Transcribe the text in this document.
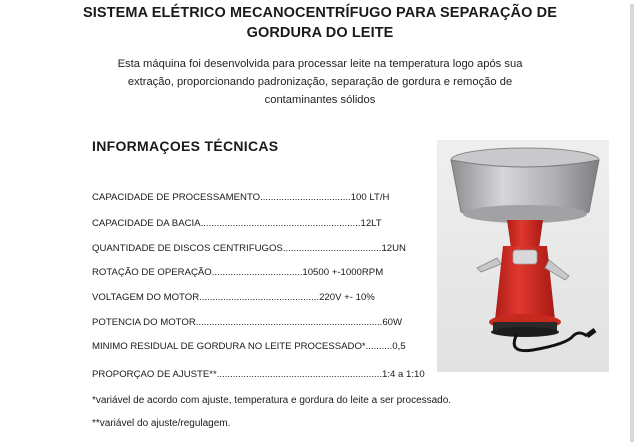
SISTEMA ELÉTRICO MECANOCENTRÍFUGO PARA SEPARAÇÃO DE
GORDURA DO LEITE
Esta máquina foi desenvolvida para processar leite na temperatura logo após sua
extração, proporcionando padronização, separação de gordura e remoção de
contaminantes sólidos
INFORMAÇOES TÉCNICAS
CAPACIDADE DE PROCESSAMENTO..................................100 LT/H
CAPACIDADE DA BACIA............................................................12LT
QUANTIDADE DE DISCOS CENTRIFUGOS.....................................12UN
ROTAÇÃO DE OPERAÇÃO..................................10500 +-1000RPM
VOLTAGEM DO MOTOR.............................................220V +- 10%
POTENCIA DO MOTOR......................................................................60W
MINIMO RESIDUAL DE GORDURA NO LEITE PROCESSADO*..........0,5
PROPORÇAO DE AJUSTE**..............................................................1:4 a 1:10
*variável de acordo com ajuste, temperatura e gordura do leite a ser processado.
**variável do ajuste/regulagem.
